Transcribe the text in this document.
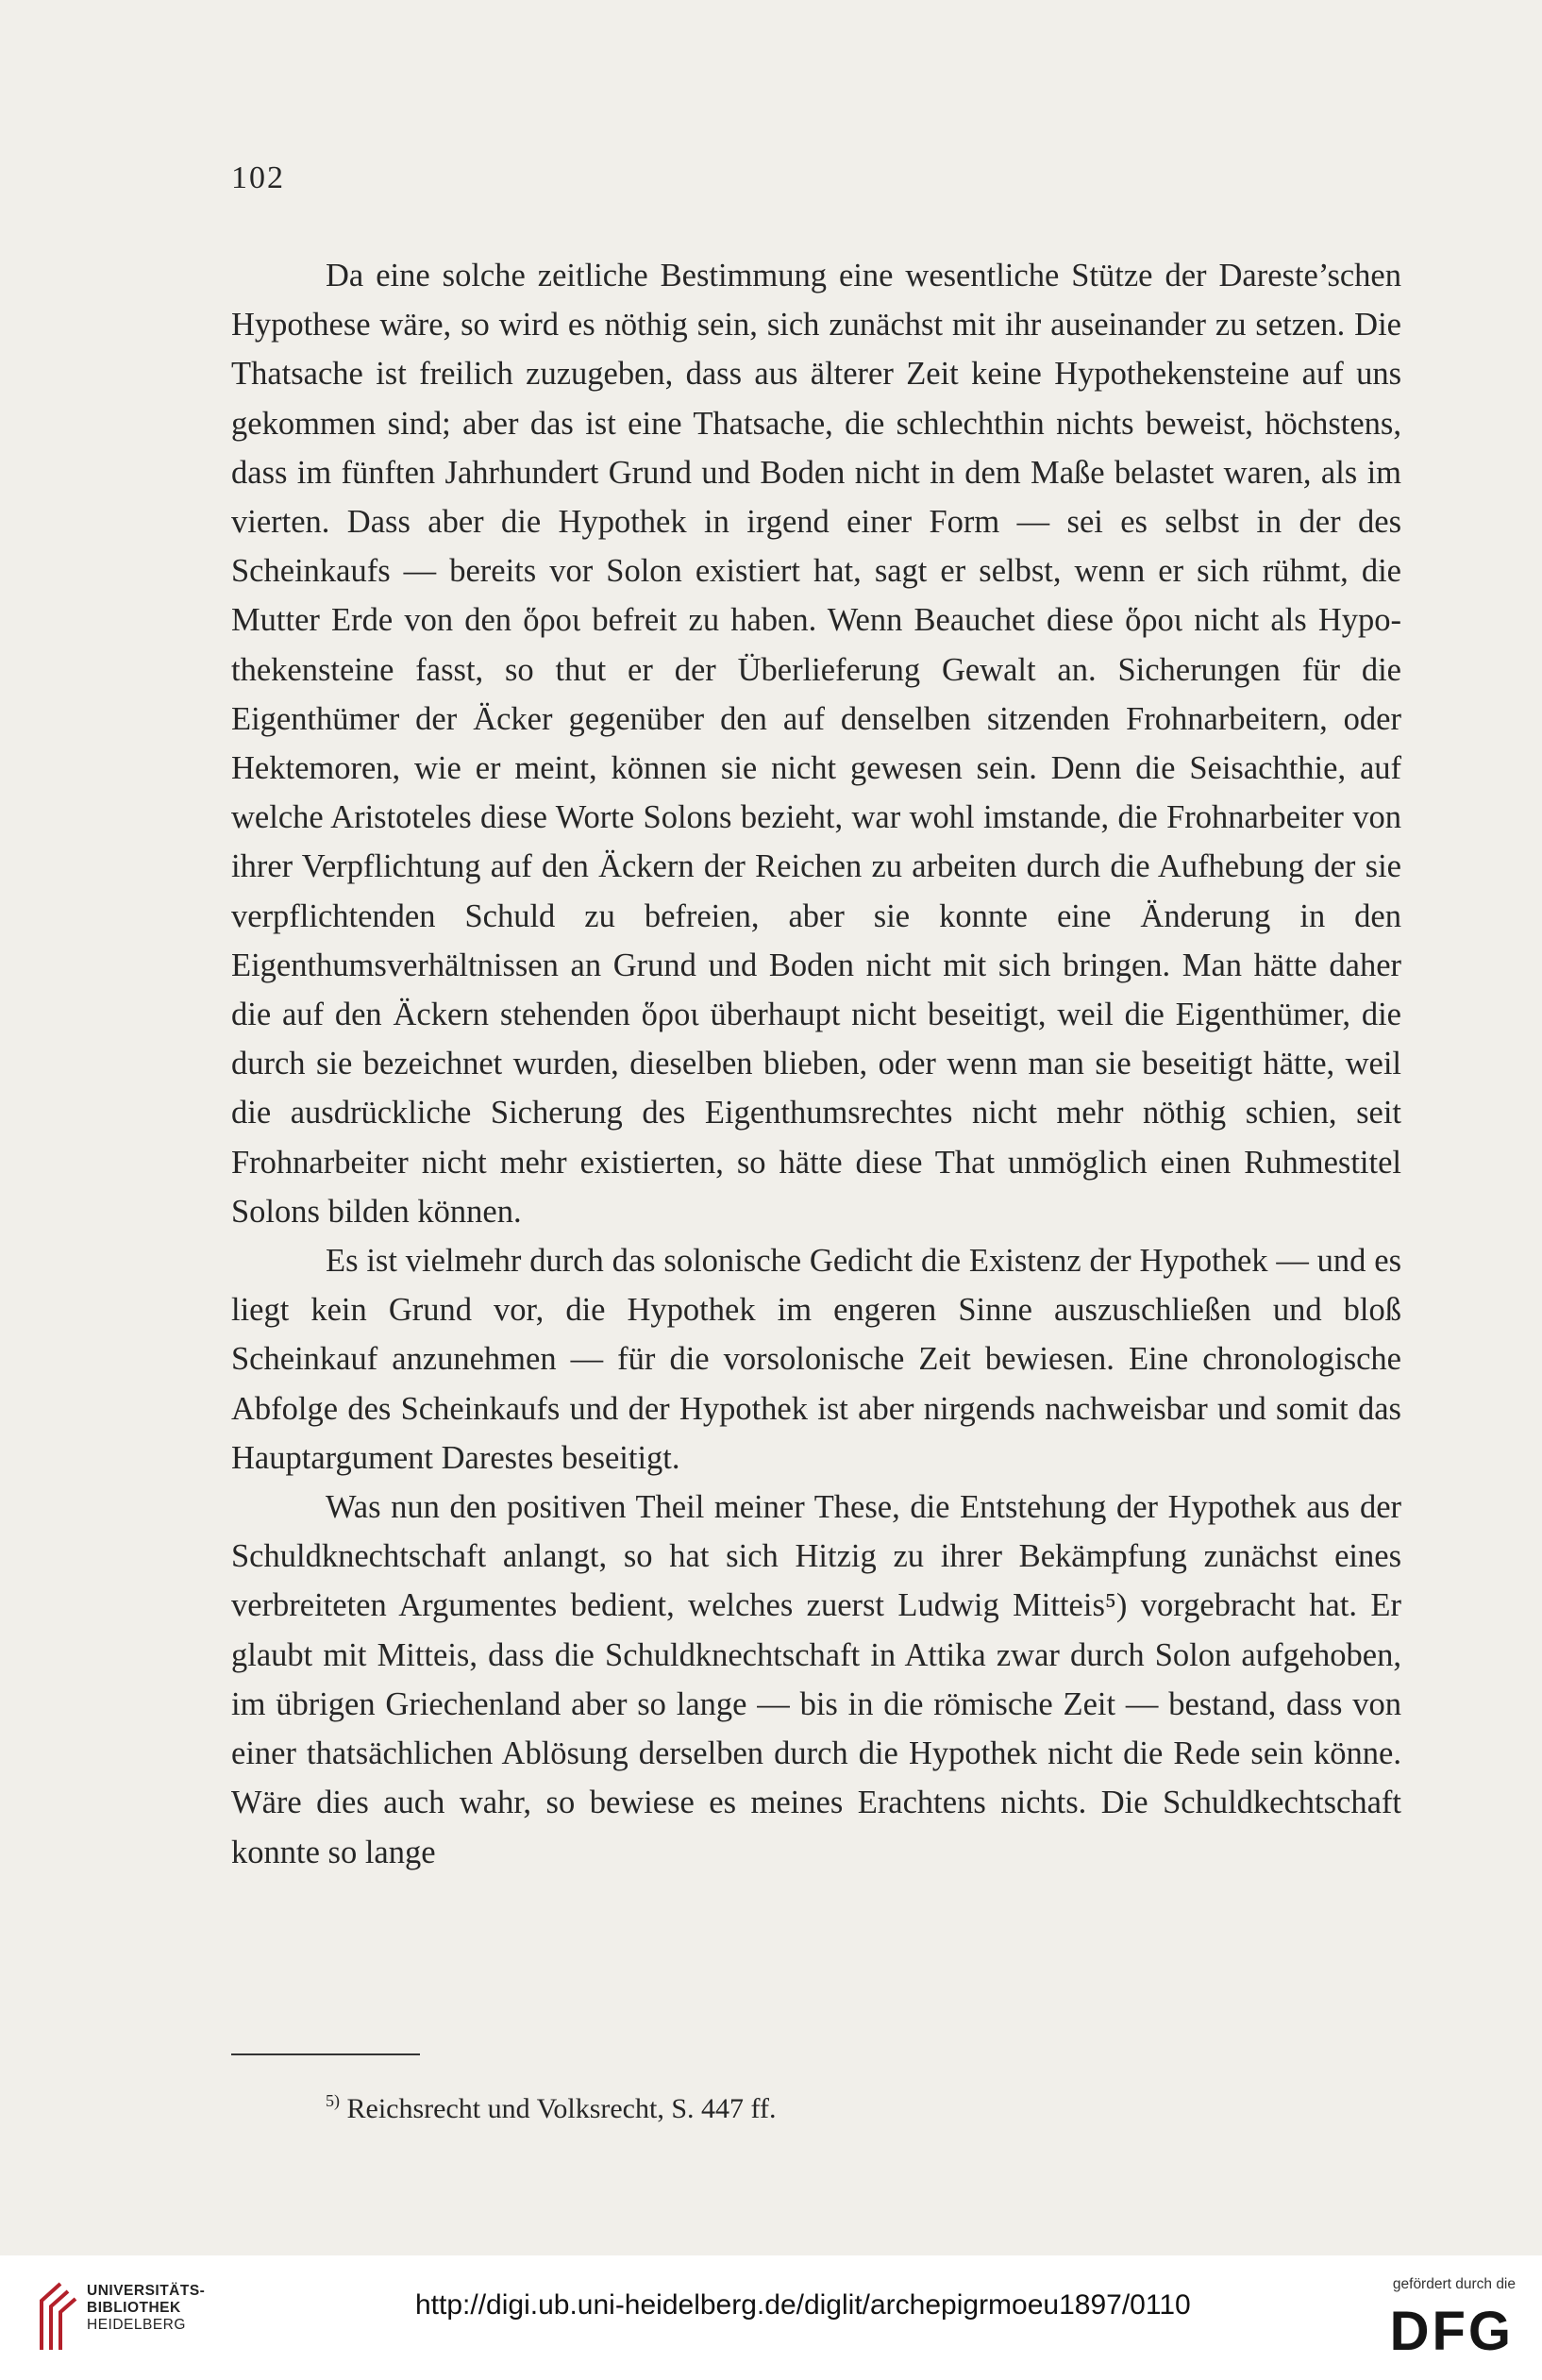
102

Da eine solche zeitliche Bestimmung eine wesentliche Stütze der Dareste’schen Hypothese wäre, so wird es nöthig sein, sich zunächst mit ihr auseinander zu setzen. Die Thatsache ist freilich zuzugeben, dass aus älterer Zeit keine Hypothekensteine auf uns gekommen sind; aber das ist eine Thatsache, die schlechthin nichts beweist, höchstens, dass im fünften Jahrhundert Grund und Boden nicht in dem Maße belastet waren, als im vierten. Dass aber die Hypothek in irgend einer Form — sei es selbst in der des Scheinkaufs — bereits vor Solon existiert hat, sagt er selbst, wenn er sich rühmt, die Mutter Erde von den ὅροι befreit zu haben. Wenn Beauchet diese ὅροι nicht als Hypothekensteine fasst, so thut er der Überlieferung Gewalt an. Sicherungen für die Eigenthümer der Äcker gegenüber den auf denselben sitzenden Frohnarbeitern, oder Hektemoren, wie er meint, können sie nicht gewesen sein. Denn die Seisachthie, auf welche Aristoteles diese Worte Solons bezieht, war wohl imstande, die Frohnarbeiter von ihrer Verpflichtung auf den Äckern der Reichen zu arbeiten durch die Aufhebung der sie verpflichtenden Schuld zu befreien, aber sie konnte eine Änderung in den Eigenthumsverhältnissen an Grund und Boden nicht mit sich bringen. Man hätte daher die auf den Äckern stehenden ὅροι überhaupt nicht beseitigt, weil die Eigenthümer, die durch sie bezeichnet wurden, dieselben blieben, oder wenn man sie beseitigt hätte, weil die ausdrückliche Sicherung des Eigenthumsrechtes nicht mehr nöthig schien, seit Frohnarbeiter nicht mehr existierten, so hätte diese That unmöglich einen Ruhmestitel Solons bilden können.

Es ist vielmehr durch das solonische Gedicht die Existenz der Hypothek — und es liegt kein Grund vor, die Hypothek im engeren Sinne auszuschließen und bloß Scheinkauf anzunehmen — für die vorsolonische Zeit bewiesen. Eine chronologische Abfolge des Scheinkaufs und der Hypothek ist aber nirgends nachweisbar und somit das Hauptargument Darestes beseitigt.

Was nun den positiven Theil meiner These, die Entstehung der Hypothek aus der Schuldknechtschaft anlangt, so hat sich Hitzig zu ihrer Bekämpfung zunächst eines verbreiteten Argumentes bedient, welches zuerst Ludwig Mitteis⁵) vorgebracht hat. Er glaubt mit Mitteis, dass die Schuldknechtschaft in Attika zwar durch Solon aufgehoben, im übrigen Griechenland aber so lange — bis in die römische Zeit — bestand, dass von einer thatsächlichen Ablösung derselben durch die Hypothek nicht die Rede sein könne. Wäre dies auch wahr, so bewiese es meines Erachtens nichts. Die Schuldkechtschaft konnte so lange

$^{5)}$ Reichsrecht und Volksrecht, S. 447 ff.
UNIVERSITÄTS-
BIBLIOTHEK
HEIDELBERG
http://digi.ub.uni-heidelberg.de/diglit/archepigrmoeu1897/0110
gefördert durch die
DFG
